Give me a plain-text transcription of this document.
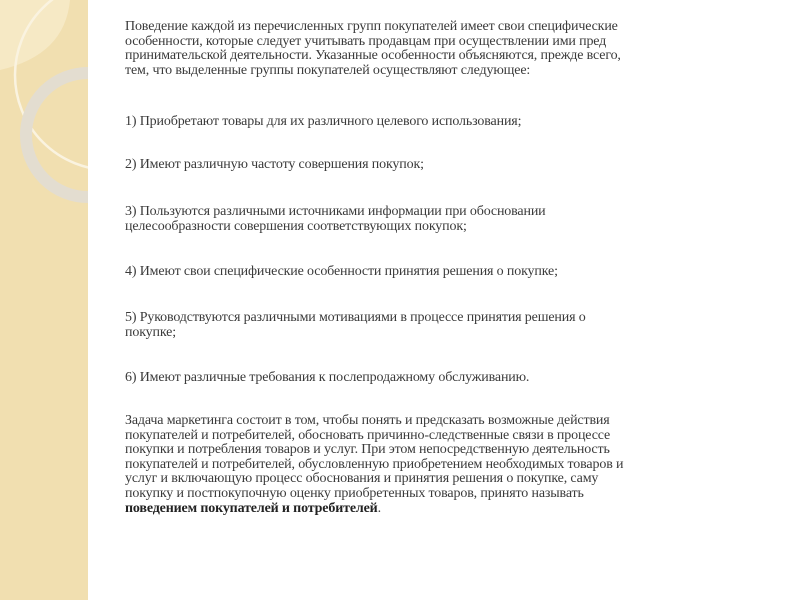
Поведение каждой из перечисленных групп покупателей имеет свои специфические
особенности, которые следует учитывать продавцам при осуществлении ими пред
принимательской деятельности. Указанные особенности объясняются, прежде всего,
тем, что выделенные группы покупателей осуществляют следующее:
1) Приобретают товары для их различного целевого использования;
2) Имеют различную частоту совершения покупок;
3) Пользуются различными источниками информации при обосновании
целесообразности совершения соответствующих покупок;
4) Имеют свои специфические особенности принятия решения о покупке;
5) Руководствуются различными мотивациями в процессе принятия решения о
покупке;
6) Имеют различные требования к послепродажному обслуживанию.
Задача маркетинга состоит в том, чтобы понять и предсказать возможные действия
покупателей и потребителей, обосновать причинно-следственные связи в процессе
покупки и потребления товаров и услуг. При этом непосредственную деятельность
покупателей и потребителей, обусловленную приобретением необходимых товаров и
услуг и включающую процесс обоснования и принятия решения о покупке, саму
покупку и постпокупочную оценку приобретенных товаров, принято называть
поведением покупателей и потребителей.
